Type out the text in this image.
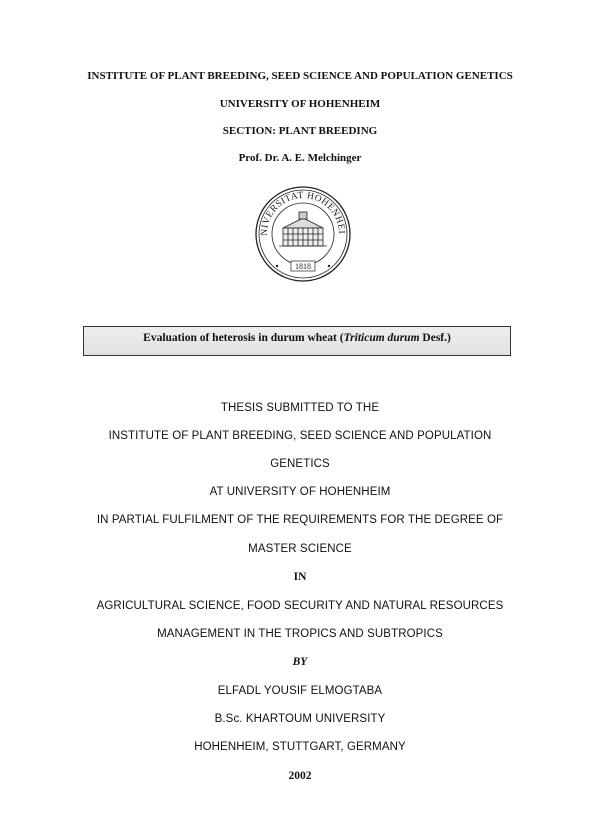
INSTITUTE OF PLANT BREEDING, SEED SCIENCE AND POPULATION GENETICS
UNIVERSITY OF HOHENHEIM
SECTION: PLANT BREEDING
Prof. Dr. A. E. Melchinger
NIVERSITAT HOHENHEI
1818
Evaluation of heterosis in durum wheat (Triticum durum Desf.)
THESIS SUBMITTED TO THE
INSTITUTE OF PLANT BREEDING, SEED SCIENCE AND POPULATION
GENETICS
AT UNIVERSITY OF HOHENHEIM
IN PARTIAL FULFILMENT OF THE REQUIREMENTS FOR THE DEGREE OF
MASTER SCIENCE
IN
AGRICULTURAL SCIENCE, FOOD SECURITY AND NATURAL RESOURCES
MANAGEMENT IN THE TROPICS AND SUBTROPICS
BY
ELFADL YOUSIF ELMOGTABA
B.Sc. KHARTOUM UNIVERSITY
HOHENHEIM, STUTTGART, GERMANY
2002
